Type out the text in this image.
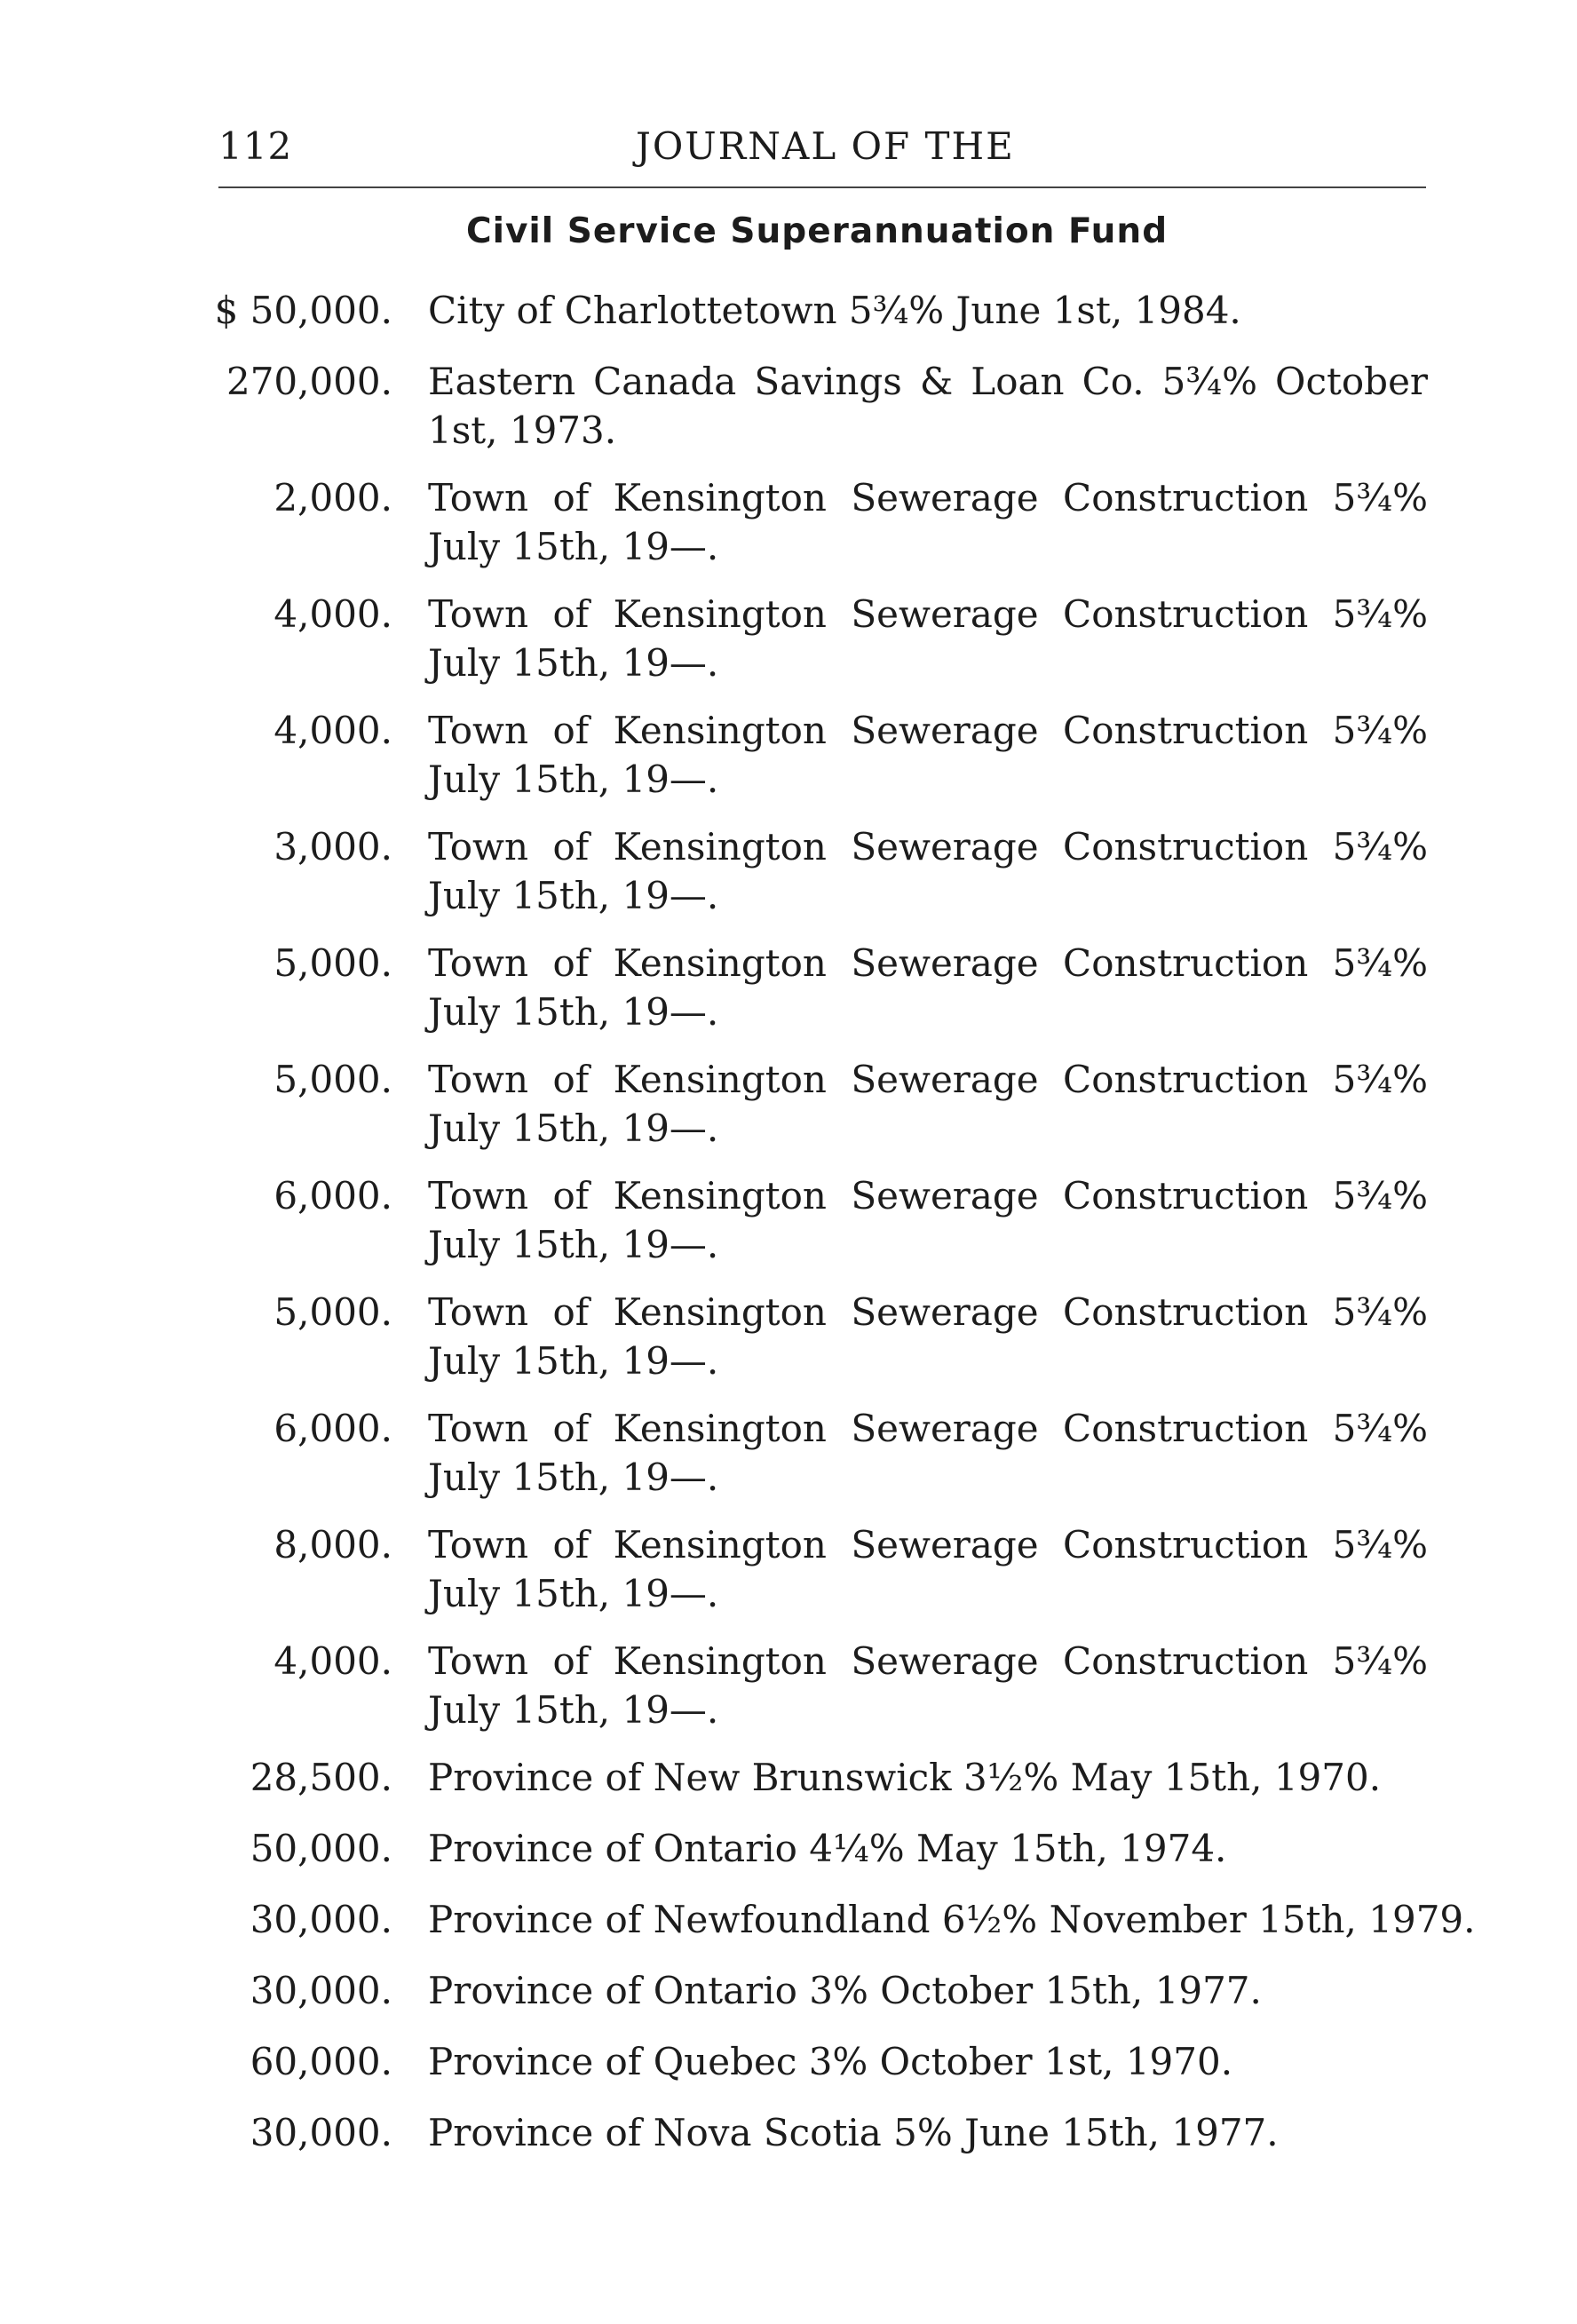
112	JOURNAL OF THE
Civil Service Superannuation Fund
$ 50,000. City of Charlottetown 5¾% June 1st, 1984.
270,000. Eastern Canada Savings & Loan Co. 5¾% October 1st, 1973.
2,000. Town of Kensington Sewerage Construction 5¾% July 15th, 19—.
4,000. Town of Kensington Sewerage Construction 5¾% July 15th, 19—.
4,000. Town of Kensington Sewerage Construction 5¾% July 15th, 19—.
3,000. Town of Kensington Sewerage Construction 5¾% July 15th, 19—.
5,000. Town of Kensington Sewerage Construction 5¾% July 15th, 19—.
5,000. Town of Kensington Sewerage Construction 5¾% July 15th, 19—.
6,000. Town of Kensington Sewerage Construction 5¾% July 15th, 19—.
5,000. Town of Kensington Sewerage Construction 5¾% July 15th, 19—.
6,000. Town of Kensington Sewerage Construction 5¾% July 15th, 19—.
8,000. Town of Kensington Sewerage Construction 5¾% July 15th, 19—.
4,000. Town of Kensington Sewerage Construction 5¾% July 15th, 19—.
28,500. Province of New Brunswick 3½% May 15th, 1970.
50,000. Province of Ontario 4¼% May 15th, 1974.
30,000. Province of Newfoundland 6½% November 15th, 1979.
30,000. Province of Ontario 3% October 15th, 1977.
60,000. Province of Quebec 3% October 1st, 1970.
30,000. Province of Nova Scotia 5% June 15th, 1977.
